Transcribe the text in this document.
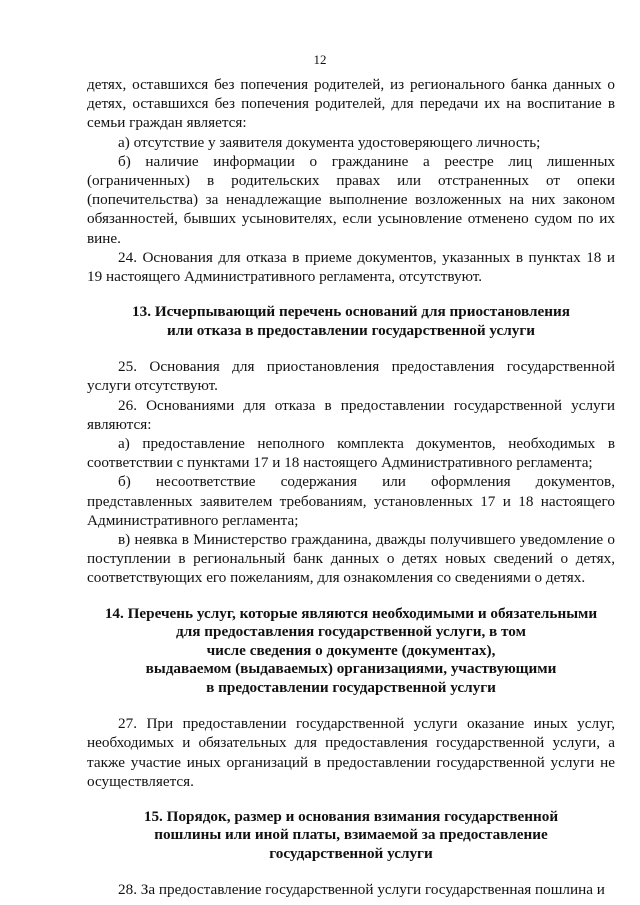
12

детях, оставшихся без попечения родителей, из регионального банка данных о детях, оставшихся без попечения родителей, для передачи их на воспитание в семьи граждан является:

а) отсутствие у заявителя документа удостоверяющего личность;

б) наличие информации о гражданине а реестре лиц лишенных (ограниченных) в родительских правах или отстраненных от опеки (попечительства) за ненадлежащие выполнение возложенных на них законом обязанностей, бывших усыновителях, если усыновление отменено судом по их вине.

24. Основания для отказа в приеме документов, указанных в пунктах 18 и 19 настоящего Административного регламента, отсутствуют.

13. Исчерпывающий перечень оснований для приостановления

или отказа в предоставлении государственной услуги

25. Основания для приостановления предоставления государственной услуги отсутствуют.

26. Основаниями для отказа в предоставлении государственной услуги являются:

а) предоставление неполного комплекта документов, необходимых в соответствии с пунктами 17 и 18 настоящего Административного регламента;

б) несоответствие содержания или оформления документов, представленных заявителем требованиям, установленных 17 и 18 настоящего Административного регламента;

в) неявка в Министерство гражданина, дважды получившего уведомление о поступлении в региональный банк данных о детях новых сведений о детях, соответствующих его пожеланиям, для ознакомления со сведениями о детях.

14. Перечень услуг, которые являются необходимыми и обязательными

для предоставления государственной услуги, в том

числе сведения о документе (документах),

выдаваемом (выдаваемых) организациями, участвующими

в предоставлении государственной услуги

27. При предоставлении государственной услуги оказание иных услуг, необходимых и обязательных для предоставления государственной услуги, а также участие иных организаций в предоставлении государственной услуги не осуществляется.

15. Порядок, размер и основания взимания государственной

пошлины или иной платы, взимаемой за предоставление

государственной услуги

28. За предоставление государственной услуги государственная пошлина и
